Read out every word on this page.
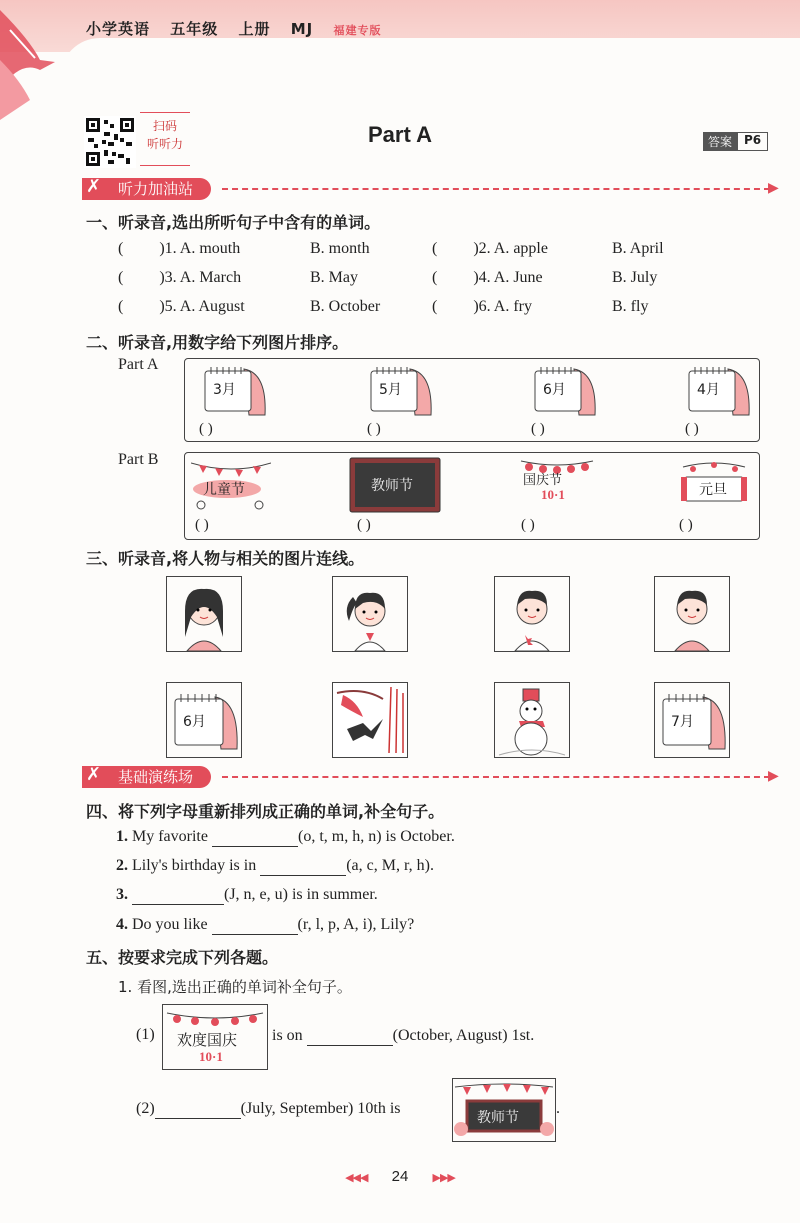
小学英语 五年级 上册 MJ 福建专版
扫码
听听力	Part A	答案	P6
✗ 听力加油站	▶
一、听录音,选出所听句子中含有的单词。
( )1. A. mouth	B. month	( )2. A. apple	B. April
( )3. A. March	B. May	( )4. A. June	B. July
( )5. A. August	B. October	( )6. A. fry	B. fly
二、听录音,用数字给下列图片排序。
Part A
3月	5月	6月	4月
( )	( )	( )	( )
Part B
儿童节	教师节	国庆节
10·1	元旦
( )	( )	( )	( )
三、听录音,将人物与相关的图片连线。
6月	7月
✗ 基础演练场	▶
四、将下列字母重新排列成正确的单词,补全句子。
1. My favorite	(o, t, m, h, n) is October.
2. Lily's birthday is in	(a, c, M, r, h).
3.	(J, n, e, u) is in summer.
4. Do you like	(r, l, p, A, i), Lily?
五、按要求完成下列各题。
1. 看图,选出正确的单词补全句子。
(1) 欢度国庆
10·1
is on	(October, August) 1st.
(2)	(July, September) 10th is
教师节
.
◀◀◀ 24 ▶▶▶
